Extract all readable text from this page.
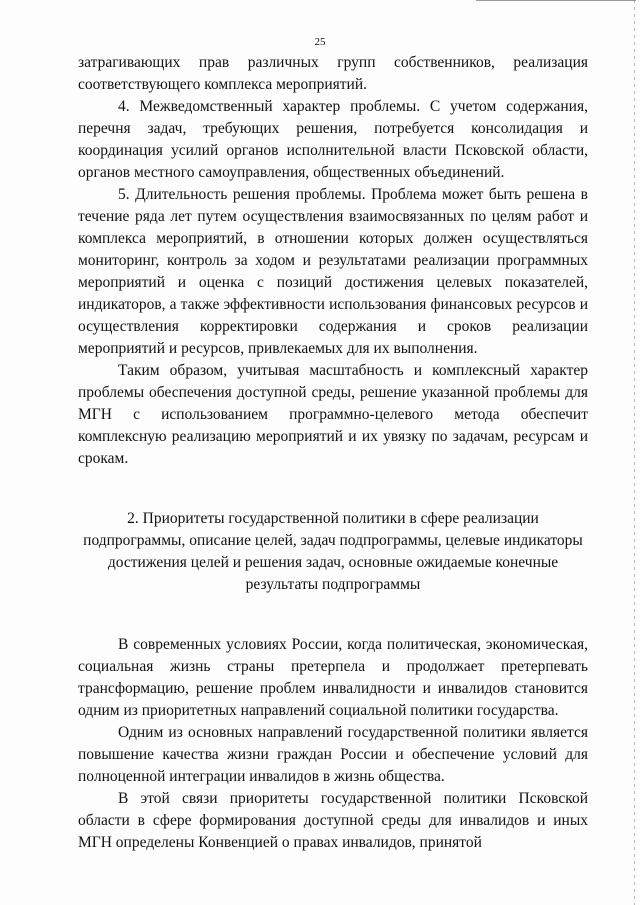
25

затрагивающих прав различных групп собственников, реализация соответствующего комплекса мероприятий.

4. Межведомственный характер проблемы. С учетом содержания, перечня задач, требующих решения, потребуется консолидация и координация усилий органов исполнительной власти Псковской области, органов местного самоуправления, общественных объединений.

5. Длительность решения проблемы. Проблема может быть решена в течение ряда лет путем осуществления взаимосвязанных по целям работ и комплекса мероприятий, в отношении которых должен осуществляться мониторинг, контроль за ходом и результатами реализации программных мероприятий и оценка с позиций достижения целевых показателей, индикаторов, а также эффективности использования финансовых ресурсов и осуществления корректировки содержания и сроков реализации мероприятий и ресурсов, привлекаемых для их выполнения.

Таким образом, учитывая масштабность и комплексный характер проблемы обеспечения доступной среды, решение указанной проблемы для МГН с использованием программно-целевого метода обеспечит комплексную реализацию мероприятий и их увязку по задачам, ресурсам и срокам.

2. Приоритеты государственной политики в сфере реализации подпрограммы, описание целей, задач подпрограммы, целевые индикаторы достижения целей и решения задач, основные ожидаемые конечные результаты подпрограммы

В современных условиях России, когда политическая, экономическая, социальная жизнь страны претерпела и продолжает претерпевать трансформацию, решение проблем инвалидности и инвалидов становится одним из приоритетных направлений социальной политики государства.

Одним из основных направлений государственной политики является повышение качества жизни граждан России и обеспечение условий для полноценной интеграции инвалидов в жизнь общества.

В этой связи приоритеты государственной политики Псковской области в сфере формирования доступной среды для инвалидов и иных МГН определены Конвенцией о правах инвалидов, принятой
